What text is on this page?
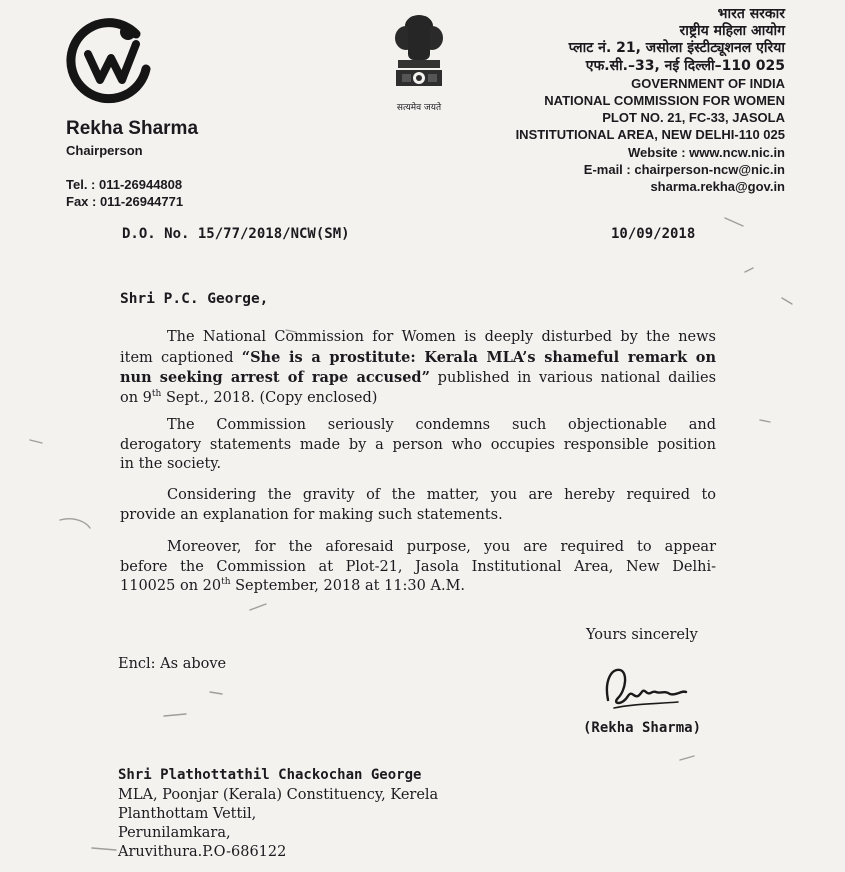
सत्यमेव जयते
Rekha Sharma
Chairperson
Tel. : 011-26944808
Fax : 011-26944771
भारत सरकार
राष्ट्रीय महिला आयोग
प्लाट नं. 21, जसोला इंस्टीट्यूशनल एरिया
एफ.सी.–33, नई दिल्ली–110 025
GOVERNMENT OF INDIA
NATIONAL COMMISSION FOR WOMEN
PLOT NO. 21, FC-33, JASOLA
INSTITUTIONAL AREA, NEW DELHI-110 025
Website : www.ncw.nic.in
E-mail : chairperson-ncw@nic.in
sharma.rekha@gov.in
D.O. No. 15/77/2018/NCW(SM)	10/09/2018
Shri P.C. George,
The National Commission for Women is deeply disturbed by the news
item captioned “She is a prostitute: Kerala MLA’s shameful remark on
nun seeking arrest of rape accused” published in various national dailies
on 9th Sept., 2018. (Copy enclosed)
The Commission seriously condemns such objectionable and
derogatory statements made by a person who occupies responsible position
in the society.
Considering the gravity of the matter, you are hereby required to
provide an explanation for making such statements.
Moreover, for the aforesaid purpose, you are required to appear
before the Commission at Plot-21, Jasola Institutional Area, New Delhi-
110025 on 20th September, 2018 at 11:30 A.M.
Yours sincerely
Encl: As above
(Rekha Sharma)
Shri Plathottathil Chackochan George
MLA, Poonjar (Kerala) Constituency, Kerela
Planthottam Vettil,
Perunilamkara,
Aruvithura.P.O-686122
